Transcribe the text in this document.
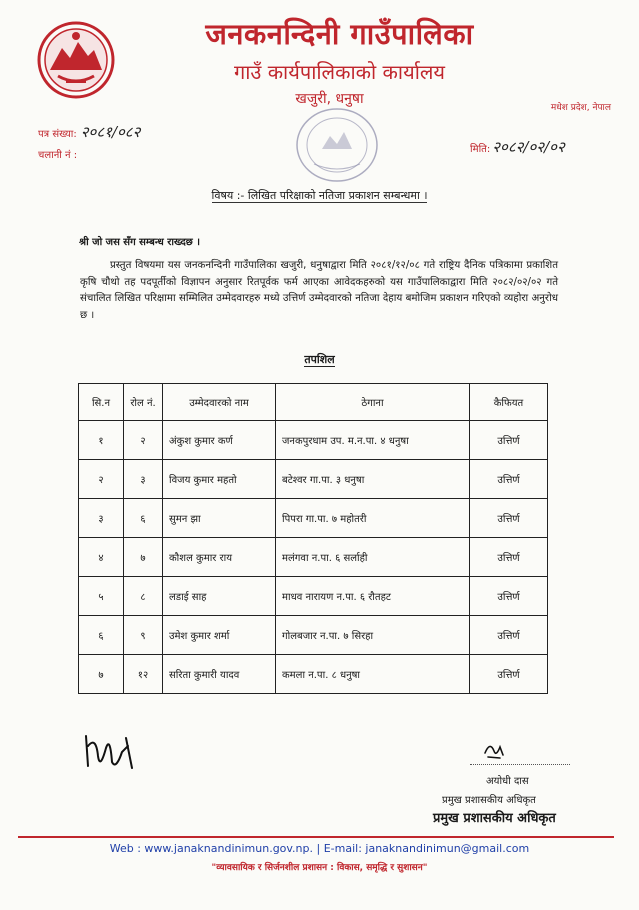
जनकनन्दिनी गाउँपालिका
गाउँ कार्यपालिकाको कार्यालय
खजुरी, धनुषा
मधेश प्रदेश, नेपाल
पत्र संख्या: २०८१/०८२
चलानी नं :
मिति: २०८२/०२/०२
विषय :- लिखित परिक्षाको नतिजा प्रकाशन सम्बन्धमा ।
श्री जो जस सँग सम्बन्ध राख्दछ ।
प्रस्तुत विषयमा यस जनकनन्दिनी गाउँपालिका खजुरी, धनुषाद्वारा मिति २०८१/१२/०८ गते राष्ट्रिय दैनिक पत्रिकामा प्रकाशित कृषि चौथो तह पदपूर्तीको विज्ञापन अनुसार रितपूर्वक फर्म आएका आवेदकहरुको यस गाउँपालिकाद्वारा मिति २०८२/०२/०२ गते संचालित लिखित परिक्षामा सम्मिलित उम्मेदवारहरु मध्ये उत्तिर्ण उम्मेदवारको नतिजा देहाय बमोजिम प्रकाशन गरिएको व्यहोरा अनुरोध छ ।
तपशिल
सि.न	रोल नं.	उम्मेदवारको नाम	ठेगाना	कैफियत
१	२	अंकुश कुमार कर्ण	जनकपुरधाम उप. म.न.पा. ४ धनुषा	उत्तिर्ण
२	३	विजय कुमार महतो	बटेश्वर गा.पा. ३ धनुषा	उत्तिर्ण
३	६	सुमन झा	पिपरा गा.पा. ७ महोतरी	उत्तिर्ण
४	७	कौशल कुमार राय	मलंगवा न.पा. ६ सर्लाही	उत्तिर्ण
५	८	लडाई साह	माधव नारायण न.पा. ६ रौतहट	उत्तिर्ण
६	९	उमेश कुमार शर्मा	गोलबजार न.पा. ७ सिरहा	उत्तिर्ण
७	१२	सरिता कुमारी यादव	कमला न.पा. ८ धनुषा	उत्तिर्ण
अयोधी दास
प्रमुख प्रशासकीय अधिकृत
प्रमुख प्रशासकीय अधिकृत
Web : www.janaknandinimun.gov.np. | E-mail: janaknandinimun@gmail.com
"व्यावसायिक र सिर्जनशील प्रशासन : विकास, समृद्धि र सुशासन"
